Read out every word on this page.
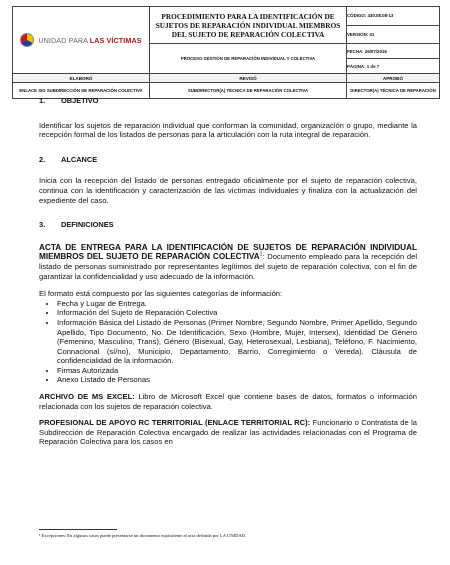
UNIDAD PARA LAS VÍCTIMAS	PROCEDIMIENTO PARA LA IDENTIFICACIÓN DE SUJETOS DE REPARACIÓN INDIVIDUAL MIEMBROS DEL SUJETO DE REPARACIÓN COLECTIVA	CÓDIGO: 430.08.08-13
		VERSIÓN: 01
	PROCESO GESTIÓN DE REPARACIÓN INDIVIDUAL Y COLECTIVA	FECHA: 26/07/2016
		PÁGINA: 1 de 7
ELABORÓ	REVISÓ	APROBÓ
ENLACE SIG SUBDIRECCIÓN DE REPARACIÓN COLECTIVA	SUBDIRECTOR(A) TÉCNICA DE REPARACIÓN COLECTIVA	DIRECTOR(A) TÉCNICA DE REPARACIÓN
1. OBJETIVO

Identificar los sujetos de reparación individual que conforman la comunidad, organización o grupo, mediante la recepción formal de los listados de personas para la articulación con la ruta integral de reparación.

2. ALCANCE

Inicia con la recepción del listado de personas entregado oficialmente por el sujeto de reparación colectiva, continua con la identificación y caracterización de las víctimas individuales y finaliza con la actualización del expediente del caso.

3. DEFINICIONES

ACTA DE ENTREGA PARA LA IDENTIFICACIÓN DE SUJETOS DE REPARACIÓN INDIVIDUAL MIEMBROS DEL SUJETO DE REPARACIÓN COLECTIVA$^1$: Documento empleado para la recepción del listado de personas suministrado por representantes legítimos del sujeto de reparación colectiva, con el fin de garantizar la confidencialidad y uso adecuado de la información.

El formato está compuesto por las siguientes categorías de información:

• Fecha y Lugar de Entrega.
• Información del Sujeto de Reparación Colectiva
• Información Básica del Listado de Personas (Primer Nombre, Segundo Nombre, Primer Apellido, Segundo Apellido, Tipo Documento, No. De Identificación, Sexo (Hombre, Mujer, Intersex), Identidad De Género (Femenino, Masculino, Trans), Género (Bisexual, Gay, Heterosexual, Lesbiana), Teléfono, F. Nacimiento, Connacional (sí/no), Municipio, Departamento, Barrio, Corregimiento o Vereda). Cláusula de confidencialidad de la información.
• Firmas Autorizada
• Anexo Listado de Personas

ARCHIVO DE MS EXCEL: Libro de Microsoft Excel que contiene bases de datos, formatos o información relacionada con los sujetos de reparación colectiva.

PROFESIONAL DE APOYO RC TERRITORIAL (ENLACE TERRITORIAL RC): Funcionario o Contratista de la Subdirección de Reparación Colectiva encargado de realizar las actividades relacionadas con el Programa de Reparación Colectiva para los casos en

¹ Excepciones: En algunos casos puede presentarse un documento equivalente al acta definida por LA UNIDAD.
